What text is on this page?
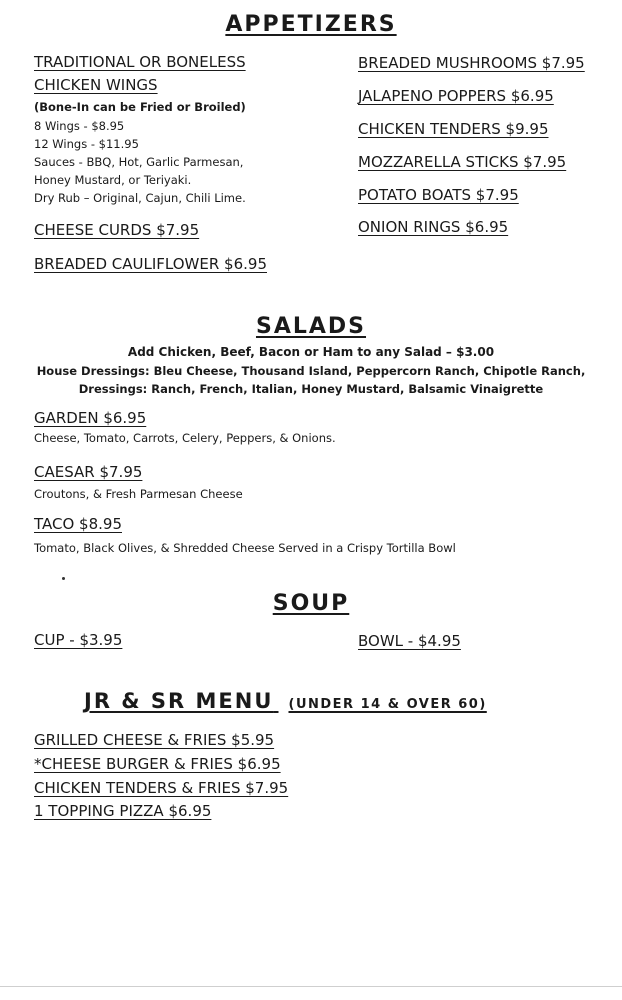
APPETIZERS
TRADITIONAL OR BONELESS
CHICKEN WINGS
(Bone-In can be Fried or Broiled)
8 Wings - $8.95
12 Wings - $11.95
Sauces - BBQ, Hot, Garlic Parmesan,
Honey Mustard, or Teriyaki.
Dry Rub – Original, Cajun, Chili Lime.
CHEESE CURDS $7.95
BREADED CAULIFLOWER $6.95
BREADED MUSHROOMS $7.95
JALAPENO POPPERS $6.95
CHICKEN TENDERS $9.95
MOZZARELLA STICKS $7.95
POTATO BOATS $7.95
ONION RINGS $6.95
SALADS
Add Chicken, Beef, Bacon or Ham to any Salad – $3.00
House Dressings: Bleu Cheese, Thousand Island, Peppercorn Ranch, Chipotle Ranch,
Dressings: Ranch, French, Italian, Honey Mustard, Balsamic Vinaigrette
GARDEN $6.95
Cheese, Tomato, Carrots, Celery, Peppers, & Onions.
CAESAR $7.95
Croutons, & Fresh Parmesan Cheese
TACO $8.95
Tomato, Black Olives, & Shredded Cheese Served in a Crispy Tortilla Bowl
SOUP
CUP - $3.95	BOWL - $4.95
JR & SR MENU (UNDER 14 & OVER 60)
GRILLED CHEESE & FRIES $5.95
*CHEESE BURGER & FRIES $6.95
CHICKEN TENDERS & FRIES $7.95
1 TOPPING PIZZA $6.95
